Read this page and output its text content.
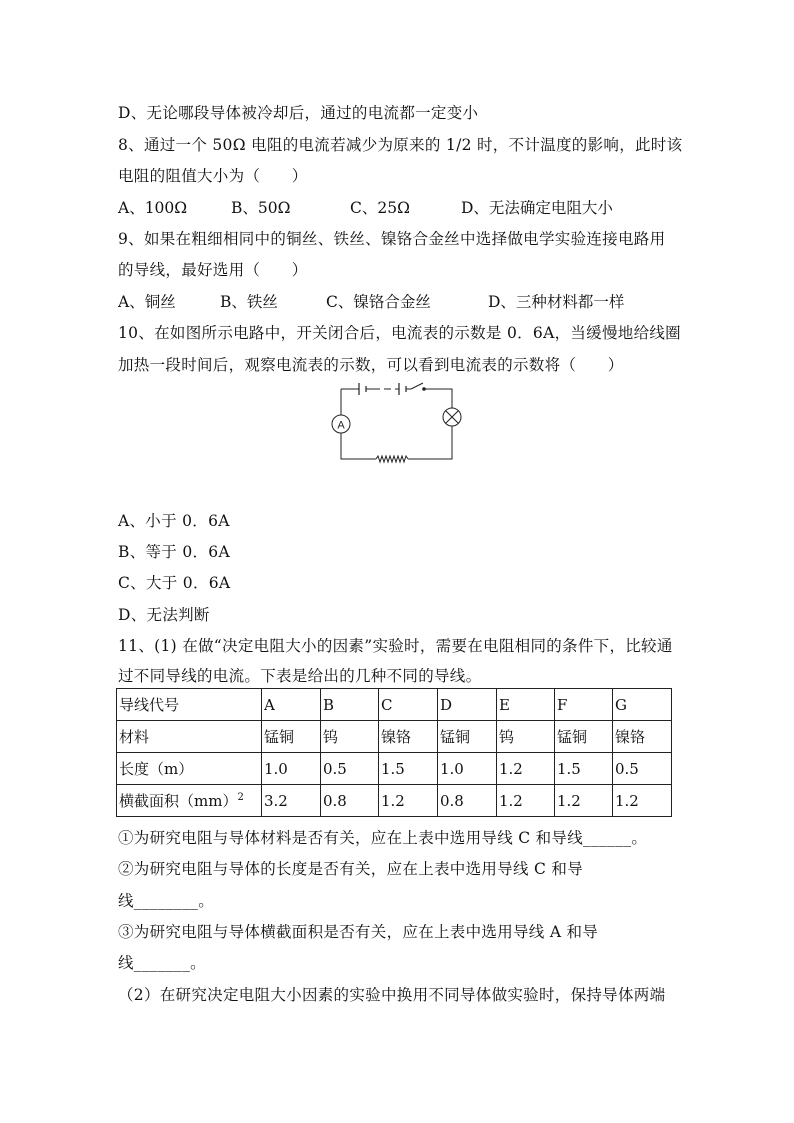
D、无论哪段导体被冷却后，通过的电流都一定变小
8、通过一个 50Ω 电阻的电流若减少为原来的 1/2 时，不计温度的影响，此时该
电阻的阻值大小为（　　）
A、100Ω	B、50Ω	C、25Ω	D、无法确定电阻大小
9、如果在粗细相同中的铜丝、铁丝、镍铬合金丝中选择做电学实验连接电路用
的导线，最好选用（　　）
A、铜丝	B、铁丝	C、镍铬合金丝	D、三种材料都一样
10、在如图所示电路中，开关闭合后，电流表的示数是 0．6A，当缓慢地给线圈
加热一段时间后，观察电流表的示数，可以看到电流表的示数将（　　）
A
A、小于 0．6A
B、等于 0．6A
C、大于 0．6A
D、无法判断
11、(1) 在做“决定电阻大小的因素”实验时，需要在电阻相同的条件下，比较通
过不同导线的电流。下表是给出的几种不同的导线。
导线代号	A	B	C	D	E	F	G
材料	锰铜	钨	镍铬	锰铜	钨	锰铜	镍铬
长度（m）	1.0	0.5	1.5	1.0	1.2	1.5	0.5
横截面积（mm）$^2$	3.2	0.8	1.2	0.8	1.2	1.2	1.2
①为研究电阻与导体材料是否有关，应在上表中选用导线 C 和导线______。
②为研究电阻与导体的长度是否有关，应在上表中选用导线 C 和导
线________。
③为研究电阻与导体横截面积是否有关，应在上表中选用导线 A 和导
线_______。
（2）在研究决定电阻大小因素的实验中换用不同导体做实验时，保持导体两端
